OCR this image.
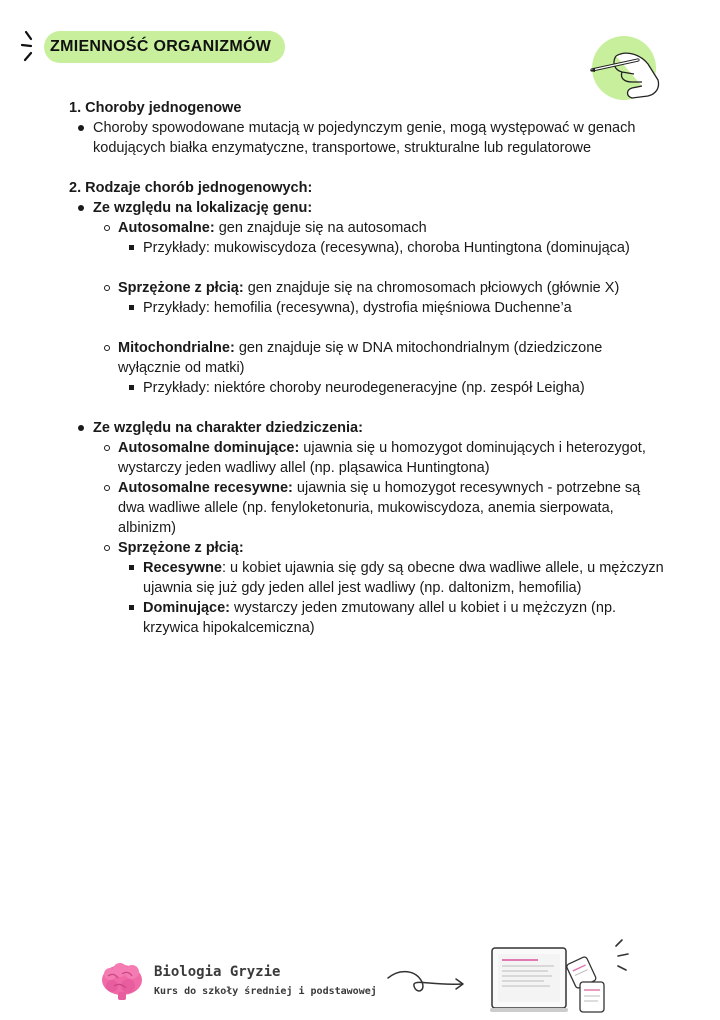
ZMIENNOŚĆ ORGANIZMÓW
1. Choroby jednogenowe
Choroby spowodowane mutacją w pojedynczym genie, mogą występować w genach kodujących białka enzymatyczne, transportowe, strukturalne lub regulatorowe
2. Rodzaje chorób jednogenowych:
Ze względu na lokalizację genu:
Autosomalne: gen znajduje się na autosomach
Przykłady: mukowiscydoza (recesywna), choroba Huntingtona (dominująca)
Sprzężone z płcią: gen znajduje się na chromosomach płciowych (głównie X)
Przykłady: hemofilia (recesywna), dystrofia mięśniowa Duchenne’a
Mitochondrialne: gen znajduje się w DNA mitochondrialnym (dziedziczone wyłącznie od matki)
Przykłady: niektóre choroby neurodegeneracyjne (np. zespół Leigha)
Ze względu na charakter dziedziczenia:
Autosomalne dominujące: ujawnia się u homozygot dominujących i heterozygot, wystarczy jeden wadliwy allel (np. pląsawica Huntingtona)
Autosomalne recesywne: ujawnia się u homozygot recesywnych - potrzebne są dwa wadliwe allele (np. fenyloketonuria, mukowiscydoza, anemia sierpowata, albinizm)
Sprzężone z płcią:
Recesywne: u kobiet ujawnia się gdy są obecne dwa wadliwe allele, u mężczyzn ujawnia się już gdy jeden allel jest wadliwy (np. daltonizm, hemofilia)
Dominujące: wystarczy jeden zmutowany allel u kobiet i u mężczyzn (np. krzywica hipokalcemiczna)
Biologia Gryzie
Kurs do szkoły średniej i podstawowej
